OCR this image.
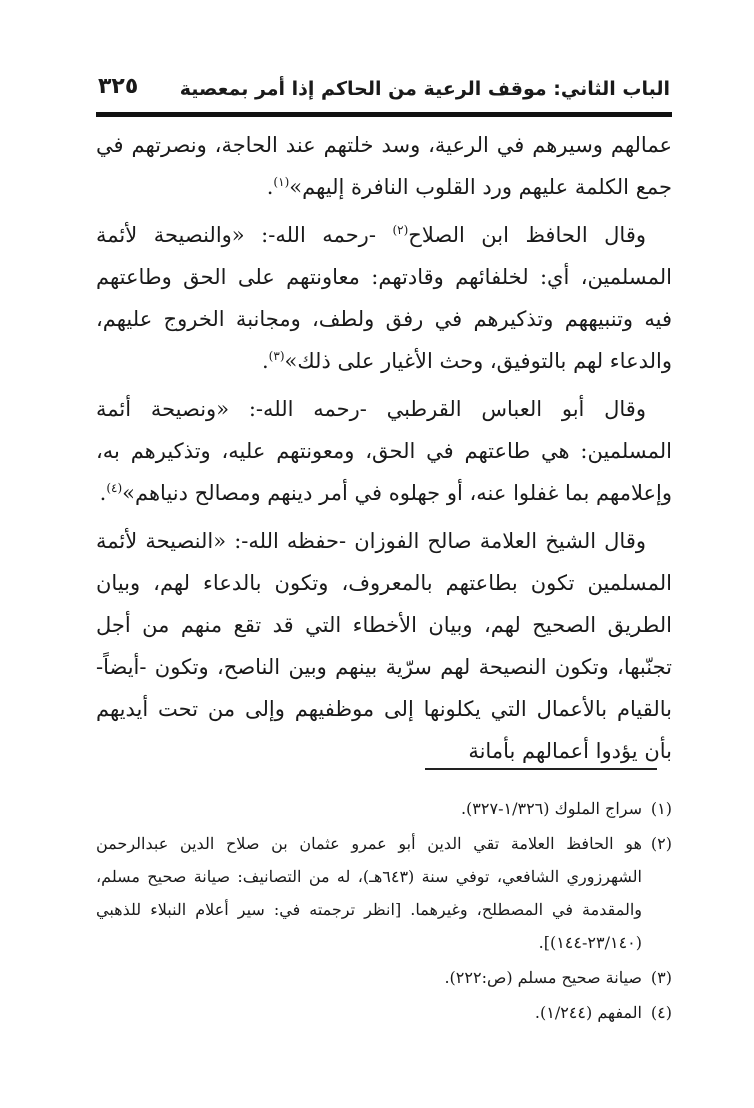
الباب الثاني: موقف الرعية من الحاكم إذا أمر بمعصية
٣٢٥

عمالهم وسيرهم في الرعية، وسد خلتهم عند الحاجة، ونصرتهم في جمع الكلمة عليهم ورد القلوب النافرة إليهم»$^{(١)}$.

وقال الحافظ ابن الصلاح$^{(٢)}$ -رحمه الله-: «والنصيحة لأئمة المسلمين، أي: لخلفائهم وقادتهم: معاونتهم على الحق وطاعتهم فيه وتنبيههم وتذكيرهم في رفق ولطف، ومجانبة الخروج عليهم، والدعاء لهم بالتوفيق، وحث الأغيار على ذلك»$^{(٣)}$.

وقال أبو العباس القرطبي -رحمه الله-: «ونصيحة أئمة المسلمين: هي طاعتهم في الحق، ومعونتهم عليه، وتذكيرهم به، وإعلامهم بما غفلوا عنه، أو جهلوه في أمر دينهم ومصالح دنياهم»$^{(٤)}$.

وقال الشيخ العلامة صالح الفوزان -حفظه الله-: «النصيحة لأئمة المسلمين تكون بطاعتهم بالمعروف، وتكون بالدعاء لهم، وبيان الطريق الصحيح لهم، وبيان الأخطاء التي قد تقع منهم من أجل تجنّبها، وتكون النصيحة لهم سرّية بينهم وبين الناصح، وتكون -أيضاً- بالقيام بالأعمال التي يكلونها إلى موظفيهم وإلى من تحت أيديهم بأن يؤدوا أعمالهم بأمانة

(١)
سراج الملوك (١/٣٢٦-٣٢٧).
(٢)
هو الحافظ العلامة تقي الدين أبو عمرو عثمان بن صلاح الدين عبدالرحمن الشهرزوري الشافعي، توفي سنة (٦٤٣هـ)، له من التصانيف: صيانة صحيح مسلم، والمقدمة في المصطلح، وغيرهما. [انظر ترجمته في: سير أعلام النبلاء للذهبي (٢٣/١٤٠-١٤٤)].
(٣)
صيانة صحيح مسلم (ص:٢٢٢).
(٤)
المفهم (١/٢٤٤).
